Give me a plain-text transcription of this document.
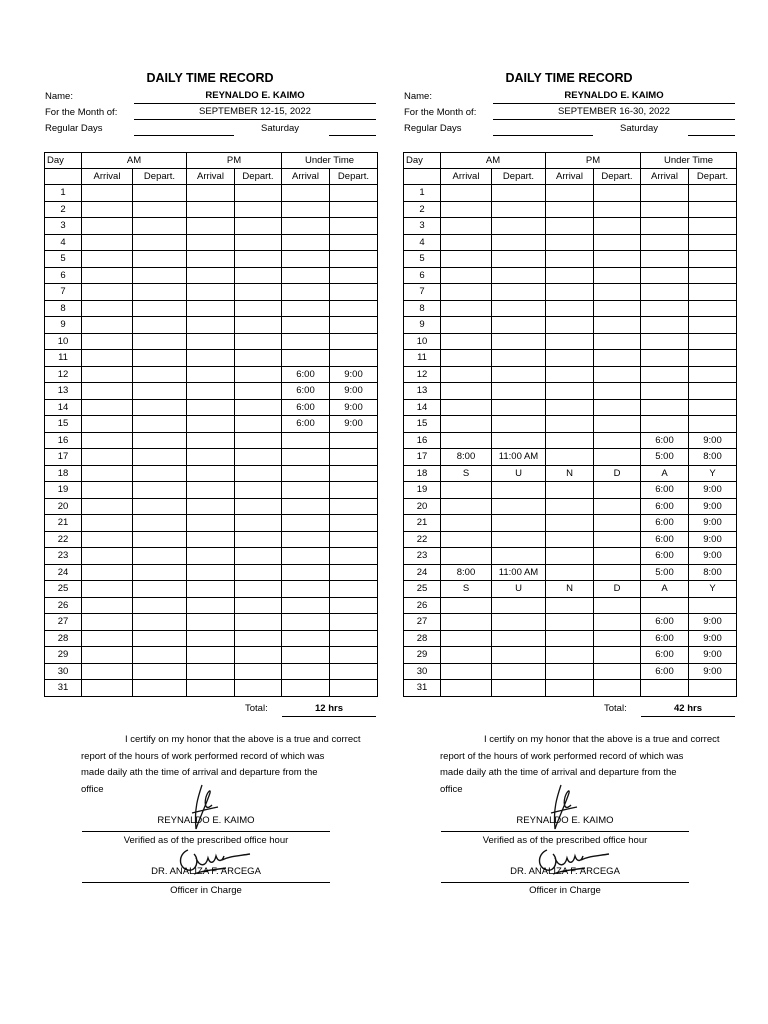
DAILY TIME RECORD
Name:	REYNALDO E. KAIMO
For the Month of:	SEPTEMBER 12-15, 2022
Regular Days	Saturday
Day	AM		PM		Under Time	
	Arrival	Depart.	Arrival	Depart.	Arrival	Depart.
1						
2						
3						
4						
5						
6						
7						
8						
9						
10						
11						
12					6:00	9:00
13					6:00	9:00
14					6:00	9:00
15					6:00	9:00
16						
17						
18						
19						
20						
21						
22						
23						
24						
25						
26						
27						
28						
29						
30						
31						
Total:	12 hrs
I certify on my honor that the above is a true and correct
report of the hours of work performed record of which was
made daily ath the time of arrival and departure from the
office
REYNALDO E. KAIMO
Verified as of the prescribed office hour
DR. ANALIZA F. ARCEGA
Officer in Charge
DAILY TIME RECORD
Name:	REYNALDO E. KAIMO
For the Month of:	SEPTEMBER 16-30, 2022
Regular Days	Saturday
Day	AM		PM		Under Time	
	Arrival	Depart.	Arrival	Depart.	Arrival	Depart.
1						
2						
3						
4						
5						
6						
7						
8						
9						
10						
11						
12						
13						
14						
15						
16					6:00	9:00
17	8:00	11:00 AM			5:00	8:00
18	S	U	N	D	A	Y
19					6:00	9:00
20					6:00	9:00
21					6:00	9:00
22					6:00	9:00
23					6:00	9:00
24	8:00	11:00 AM			5:00	8:00
25	S	U	N	D	A	Y
26						
27					6:00	9:00
28					6:00	9:00
29					6:00	9:00
30					6:00	9:00
31						
Total:	42 hrs
I certify on my honor that the above is a true and correct
report of the hours of work performed record of which was
made daily ath the time of arrival and departure from the
office
REYNALDO E. KAIMO
Verified as of the prescribed office hour
DR. ANALIZA F. ARCEGA
Officer in Charge
